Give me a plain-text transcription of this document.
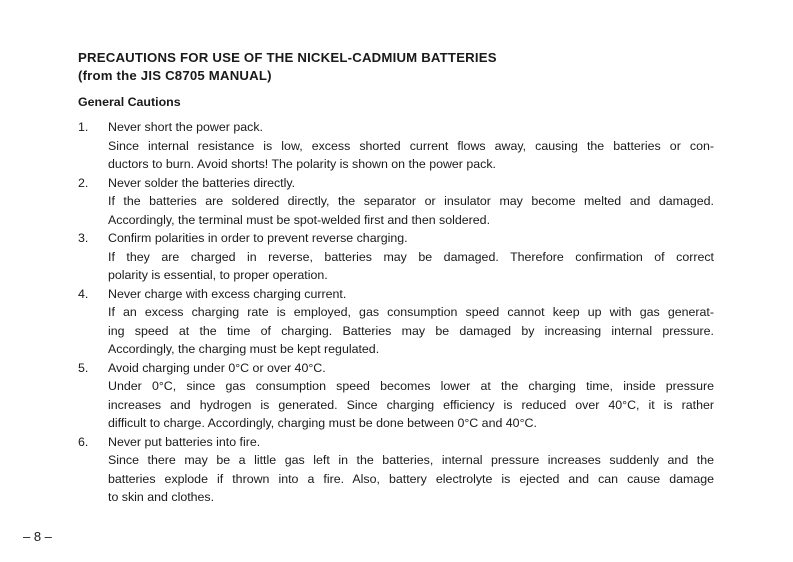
PRECAUTIONS FOR USE OF THE NICKEL-CADMIUM BATTERIES
(from the JIS C8705 MANUAL)
General Cautions
1. Never short the power pack.
Since internal resistance is low, excess shorted current flows away, causing the batteries or con-
ductors to burn. Avoid shorts! The polarity is shown on the power pack.
2. Never solder the batteries directly.
If the batteries are soldered directly, the separator or insulator may become melted and damaged.
Accordingly, the terminal must be spot-welded first and then soldered.
3. Confirm polarities in order to prevent reverse charging.
If they are charged in reverse, batteries may be damaged. Therefore confirmation of correct
polarity is essential, to proper operation.
4. Never charge with excess charging current.
If an excess charging rate is employed, gas consumption speed cannot keep up with gas generat-
ing speed at the time of charging. Batteries may be damaged by increasing internal pressure.
Accordingly, the charging must be kept regulated.
5. Avoid charging under 0°C or over 40°C.
Under 0°C, since gas consumption speed becomes lower at the charging time, inside pressure
increases and hydrogen is generated. Since charging efficiency is reduced over 40°C, it is rather
difficult to charge. Accordingly, charging must be done between 0°C and 40°C.
6. Never put batteries into fire.
Since there may be a little gas left in the batteries, internal pressure increases suddenly and the
batteries explode if thrown into a fire. Also, battery electrolyte is ejected and can cause damage
to skin and clothes.
– 8 –
